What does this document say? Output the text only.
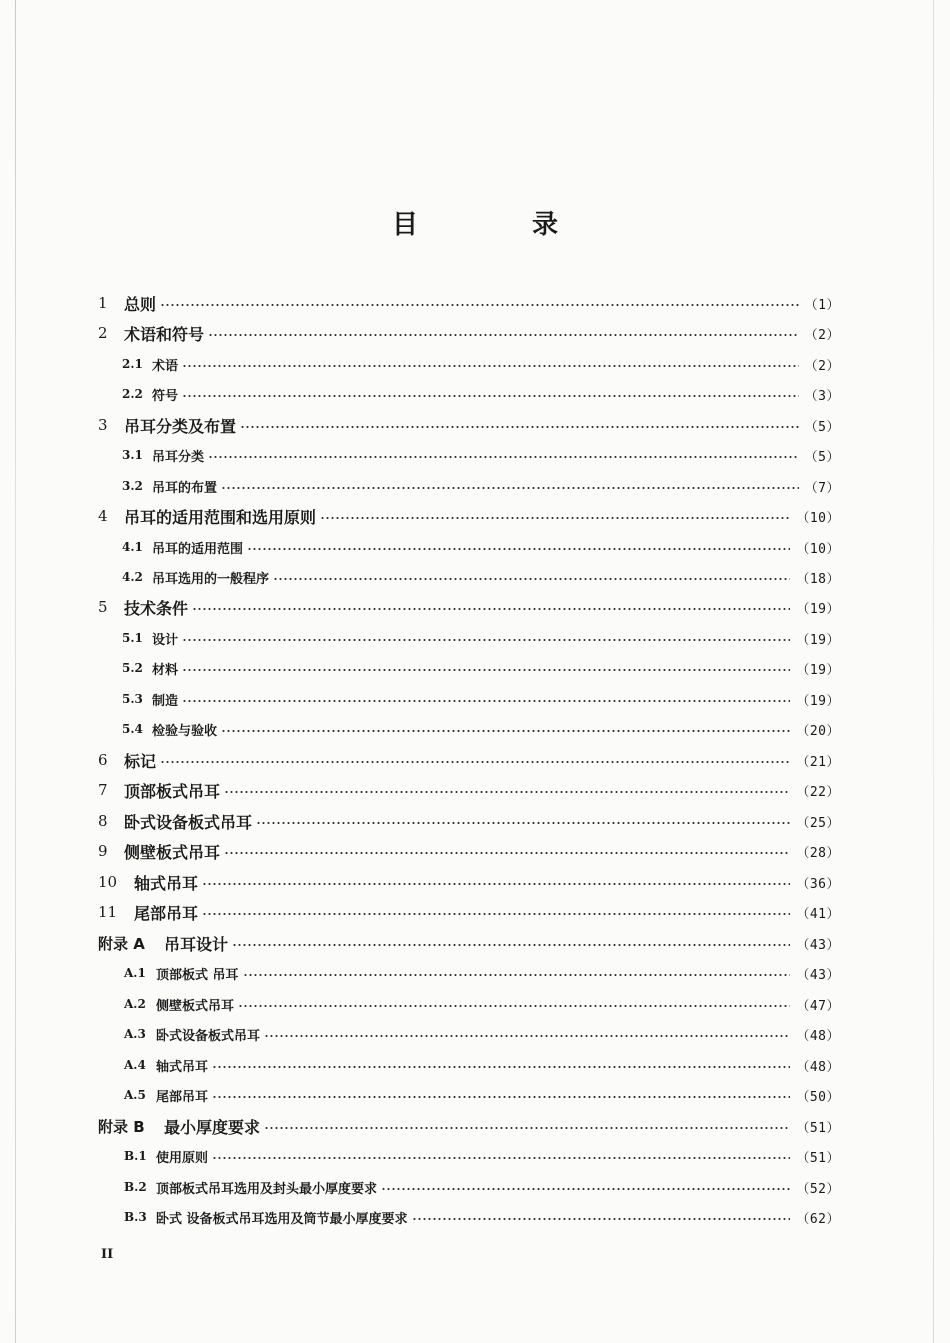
目　录
1	总则	（1）
2	术语和符号	（2）
2.1 术语	（2）
2.2 符号	（3）
3	吊耳分类及布置	（5）
3.1 吊耳分类	（5）
3.2 吊耳的布置	（7）
4	吊耳的适用范围和选用原则	（10）
4.1 吊耳的适用范围	（10）
4.2 吊耳选用的一般程序	（18）
5	技术条件	（19）
5.1 设计	（19）
5.2 材料	（19）
5.3 制造	（19）
5.4 检验与验收	（20）
6	标记	（21）
7	顶部板式吊耳	（22）
8	卧式设备板式吊耳	（25）
9	侧壁板式吊耳	（28）
10	轴式吊耳	（36）
11	尾部吊耳	（41）
附录 A	吊耳设计	（43）
A.1 顶部板式 吊耳	（43）
A.2 侧壁板式吊耳	（47）
A.3 卧式设备板式吊耳	（48）
A.4 轴式吊耳	（48）
A.5 尾部吊耳	（50）
附录 B	最小厚度要求	（51）
B.1 使用原则	（51）
B.2 顶部板式吊耳选用及封头最小厚度要求	（52）
B.3 卧式 设备板式吊耳选用及筒节最小厚度要求	（62）
II
